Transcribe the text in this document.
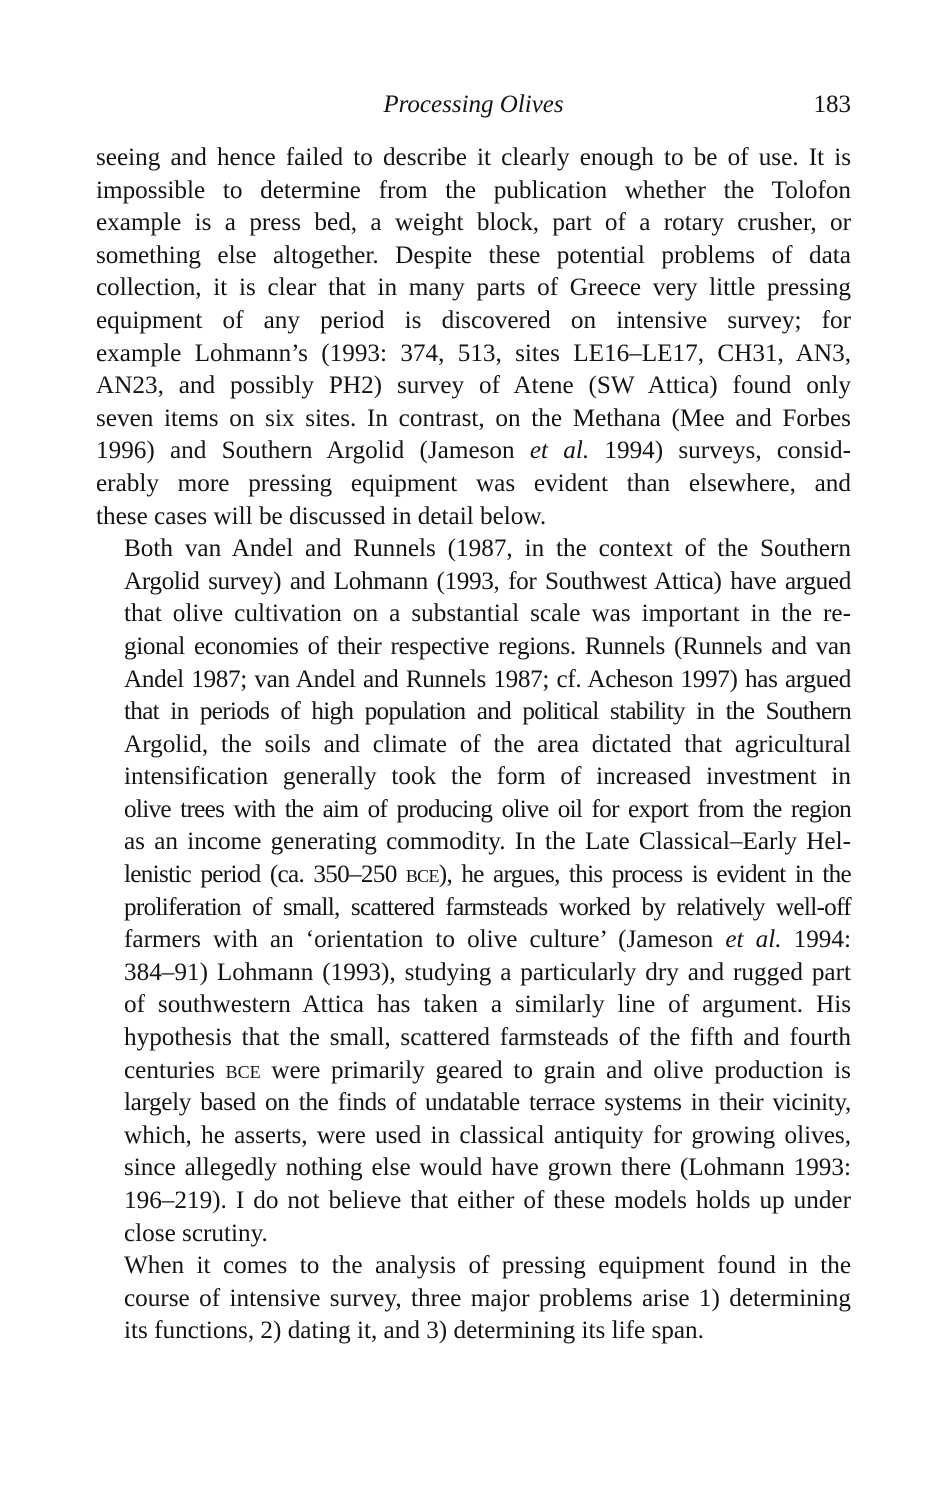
Processing Olives	183

seeing and hence failed to describe it clearly enough to be of use. It is
impossible to determine from the publication whether the Tolofon
example is a press bed, a weight block, part of a rotary crusher, or
something else altogether. Despite these potential problems of data
collection, it is clear that in many parts of Greece very little pressing
equipment of any period is discovered on intensive survey; for
example Lohmann’s (1993: 374, 513, sites LE16–LE17, CH31, AN3,
AN23, and possibly PH2) survey of Atene (SW Attica) found only
seven items on six sites. In contrast, on the Methana (Mee and Forbes
1996) and Southern Argolid (Jameson et al. 1994) surveys, consid-
erably more pressing equipment was evident than elsewhere, and
these cases will be discussed in detail below.

Both van Andel and Runnels (1987, in the context of the Southern
Argolid survey) and Lohmann (1993, for Southwest Attica) have argued
that olive cultivation on a substantial scale was important in the re-
gional economies of their respective regions. Runnels (Runnels and van
Andel 1987; van Andel and Runnels 1987; cf. Acheson 1997) has argued
that in periods of high population and political stability in the Southern
Argolid, the soils and climate of the area dictated that agricultural
intensification generally took the form of increased investment in
olive trees with the aim of producing olive oil for export from the region
as an income generating commodity. In the Late Classical–Early Hel-
lenistic period (ca. 350–250 bce), he argues, this process is evident in the
proliferation of small, scattered farmsteads worked by relatively well-off
farmers with an ‘orientation to olive culture’ (Jameson et al. 1994:
384–91) Lohmann (1993), studying a particularly dry and rugged part
of southwestern Attica has taken a similarly line of argument. His
hypothesis that the small, scattered farmsteads of the fifth and fourth
centuries bce were primarily geared to grain and olive production is
largely based on the finds of undatable terrace systems in their vicinity,
which, he asserts, were used in classical antiquity for growing olives,
since allegedly nothing else would have grown there (Lohmann 1993:
196–219). I do not believe that either of these models holds up under
close scrutiny.

When it comes to the analysis of pressing equipment found in the
course of intensive survey, three major problems arise 1) determining
its functions, 2) dating it, and 3) determining its life span.
